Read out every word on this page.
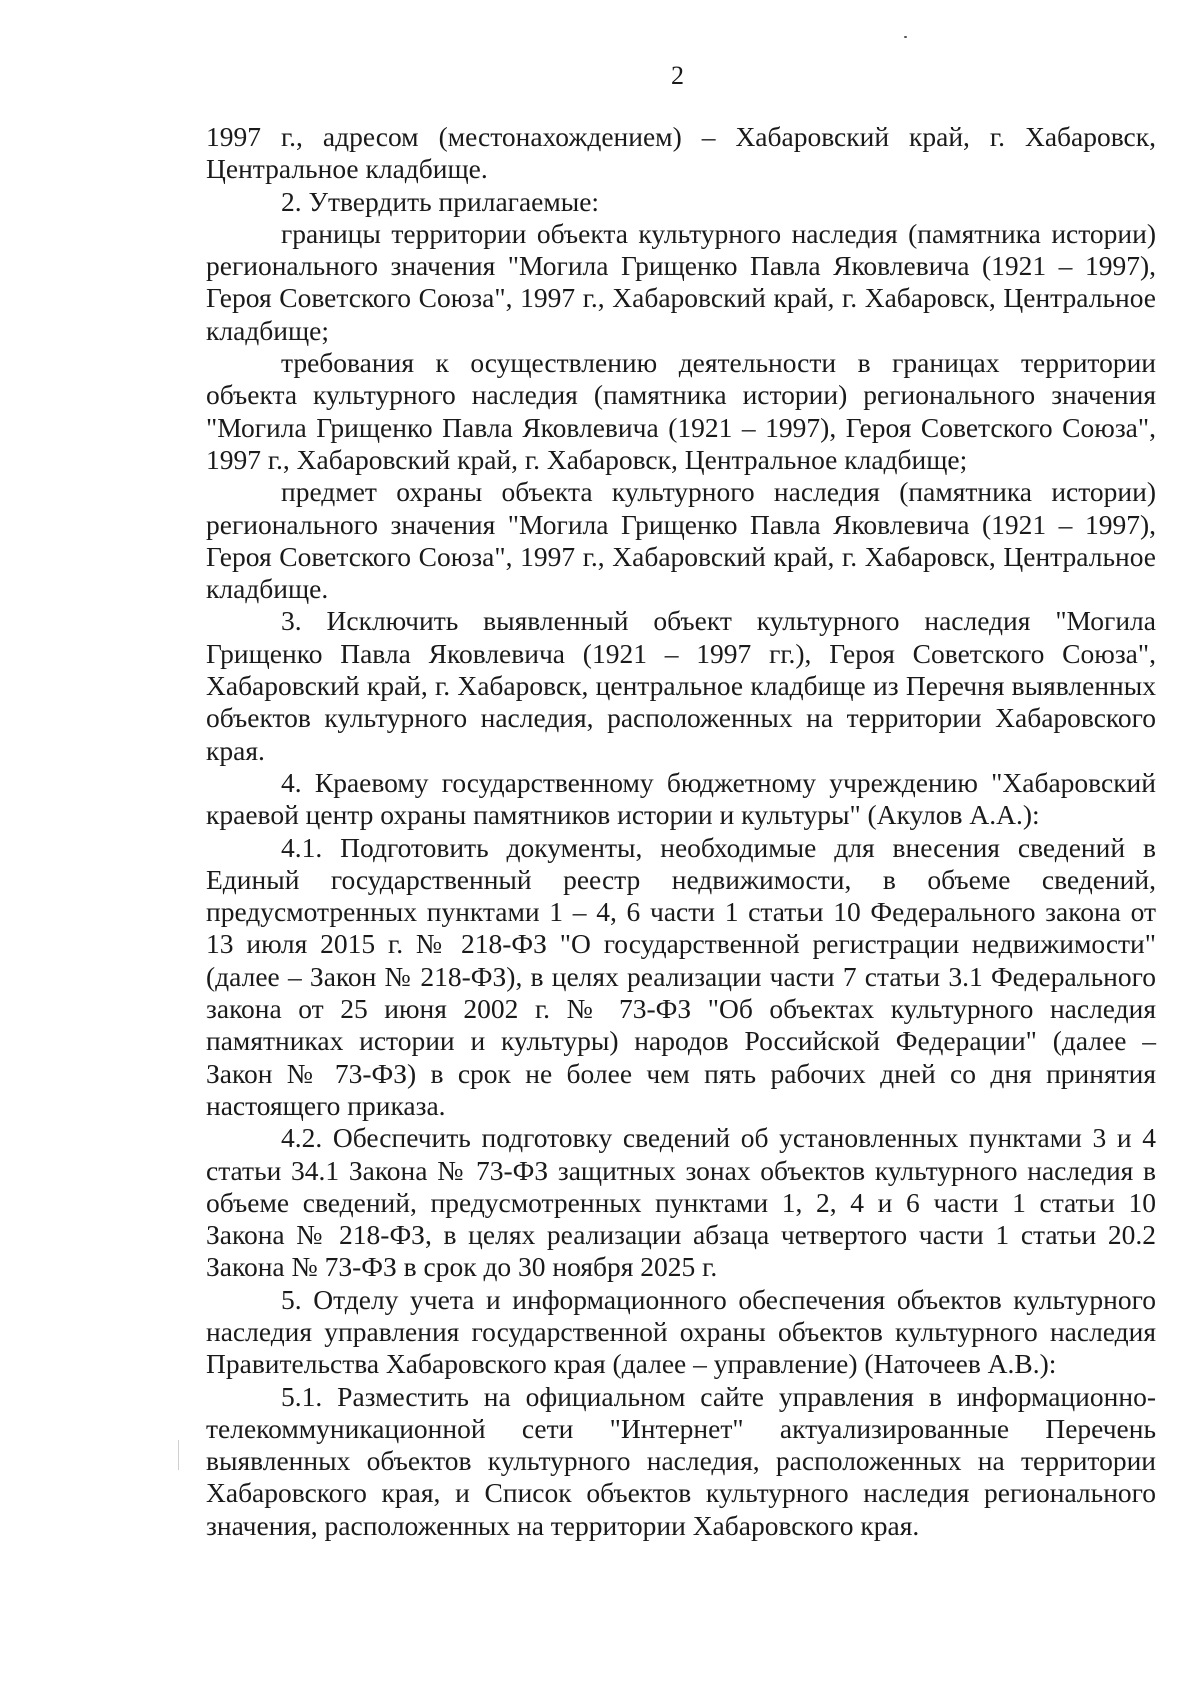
2

1997 г., адресом (местонахождением) – Хабаровский край, г. Хабаровск, Центральное кладбище.

2. Утвердить прилагаемые:

границы территории объекта культурного наследия (памятника истории) регионального значения "Могила Грищенко Павла Яковлевича (1921 – 1997), Героя Советского Союза", 1997 г., Хабаровский край, г. Хабаровск, Центральное кладбище;

требования к осуществлению деятельности в границах территории объекта культурного наследия (памятника истории) регионального значения "Могила Грищенко Павла Яковлевича (1921 – 1997), Героя Советского Союза", 1997 г., Хабаровский край, г. Хабаровск, Центральное кладбище;

предмет охраны объекта культурного наследия (памятника истории) регионального значения "Могила Грищенко Павла Яковлевича (1921 – 1997), Героя Советского Союза", 1997 г., Хабаровский край, г. Хабаровск, Центральное кладбище.

3. Исключить выявленный объект культурного наследия "Могила Грищенко Павла Яковлевича (1921 – 1997 гг.), Героя Советского Союза", Хабаровский край, г. Хабаровск, центральное кладбище из Перечня выявленных объектов культурного наследия, расположенных на территории Хабаровского края.

4. Краевому государственному бюджетному учреждению "Хабаровский краевой центр охраны памятников истории и культуры" (Акулов А.А.):

4.1. Подготовить документы, необходимые для внесения сведений в Единый государственный реестр недвижимости, в объеме сведений, предусмотренных пунктами 1 – 4, 6 части 1 статьи 10 Федерального закона от 13 июля 2015 г. № 218-ФЗ "О государственной регистрации недвижимости" (далее – Закон № 218-ФЗ), в целях реализации части 7 статьи 3.1 Федерального закона от 25 июня 2002 г. № 73-ФЗ "Об объектах культурного наследия памятниках истории и культуры) народов Российской Федерации" (далее – Закон № 73-ФЗ) в срок не более чем пять рабочих дней со дня принятия настоящего приказа.

4.2. Обеспечить подготовку сведений об установленных пунктами 3 и 4 статьи 34.1 Закона № 73-ФЗ защитных зонах объектов культурного наследия в объеме сведений, предусмотренных пунктами 1, 2, 4 и 6 части 1 статьи 10 Закона № 218-ФЗ, в целях реализации абзаца четвертого части 1 статьи 20.2 Закона № 73-ФЗ в срок до 30 ноября 2025 г.

5. Отделу учета и информационного обеспечения объектов культурного наследия управления государственной охраны объектов культурного наследия Правительства Хабаровского края (далее – управление) (Наточеев А.В.):

5.1. Разместить на официальном сайте управления в информационно-телекоммуникационной сети "Интернет" актуализированные Перечень выявленных объектов культурного наследия, расположенных на территории Хабаровского края, и Список объектов культурного наследия регионального значения, расположенных на территории Хабаровского края.
